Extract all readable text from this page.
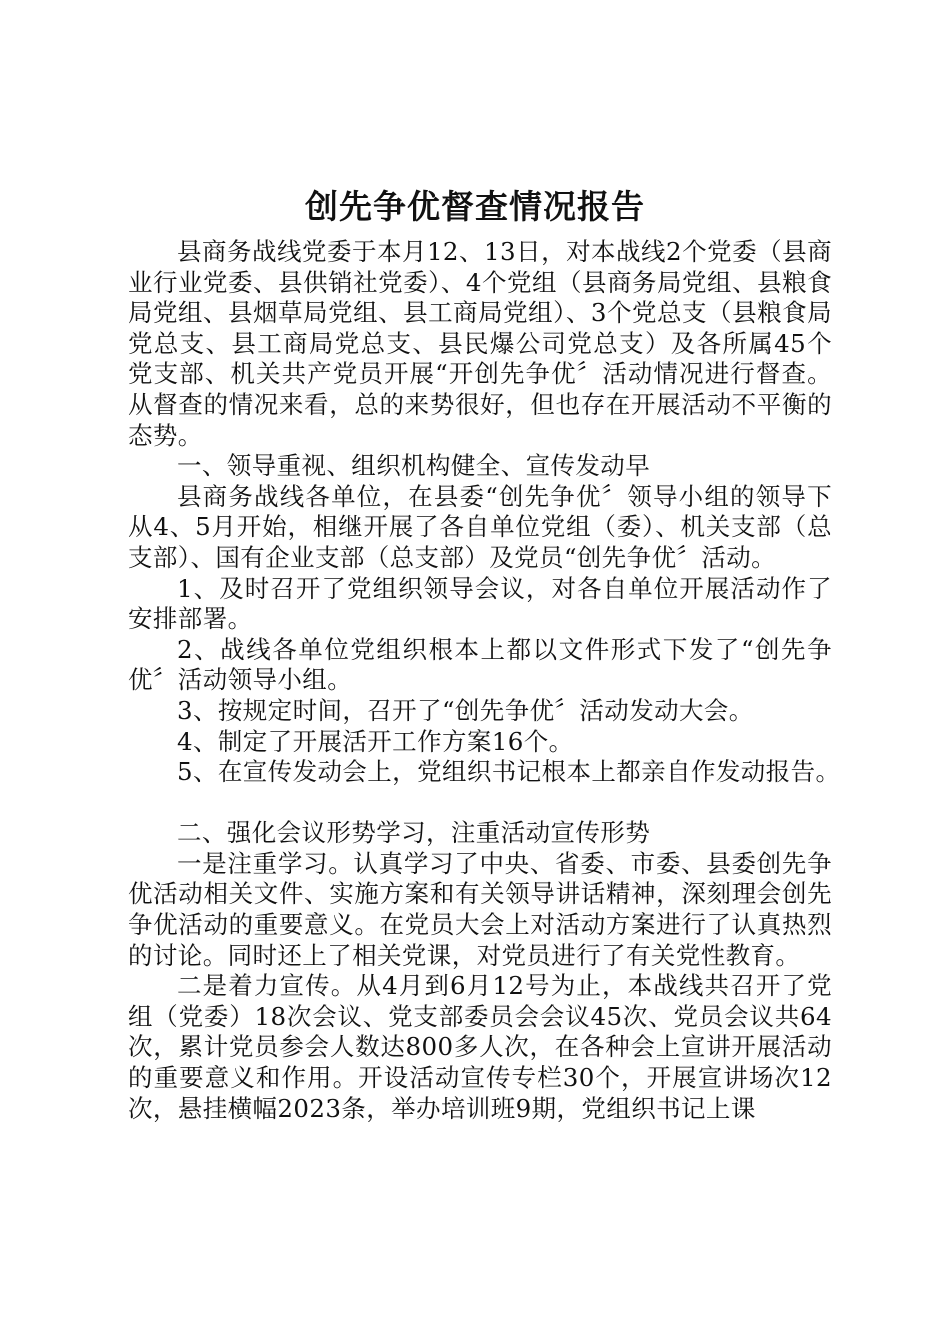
创先争优督查情况报告

县商务战线党委于本月12、13日，对本战线2个党委（县商业行业党委、县供销社党委）、4个党组（县商务局党组、县粮食局党组、县烟草局党组、县工商局党组）、3个党总支（县粮食局党总支、县工商局党总支、县民爆公司党总支）及各所属45个党支部、机关共产党员开展“开创先争优〞活动情况进行督查。从督查的情况来看，总的来势很好，但也存在开展活动不平衡的态势。

一、领导重视、组织机构健全、宣传发动早

县商务战线各单位，在县委“创先争优〞领导小组的领导下从4、5月开始，相继开展了各自单位党组（委）、机关支部（总支部）、国有企业支部（总支部）及党员“创先争优〞活动。

1、及时召开了党组织领导会议，对各自单位开展活动作了安排部署。

2、战线各单位党组织根本上都以文件形式下发了“创先争优〞活动领导小组。

3、按规定时间，召开了“创先争优〞活动发动大会。

4、制定了开展活开工作方案16个。

5、在宣传发动会上，党组织书记根本上都亲自作发动报告。

二、强化会议形势学习，注重活动宣传形势

一是注重学习。认真学习了中央、省委、市委、县委创先争优活动相关文件、实施方案和有关领导讲话精神，深刻理会创先争优活动的重要意义。在党员大会上对活动方案进行了认真热烈的讨论。同时还上了相关党课，对党员进行了有关党性教育。

二是着力宣传。从4月到6月12号为止，本战线共召开了党组（党委）18次会议、党支部委员会会议45次、党员会议共64次，累计党员参会人数达800多人次，在各种会上宣讲开展活动的重要意义和作用。开设活动宣传专栏30个，开展宣讲场次12次，悬挂横幅2023条，举办培训班9期，党组织书记上课
